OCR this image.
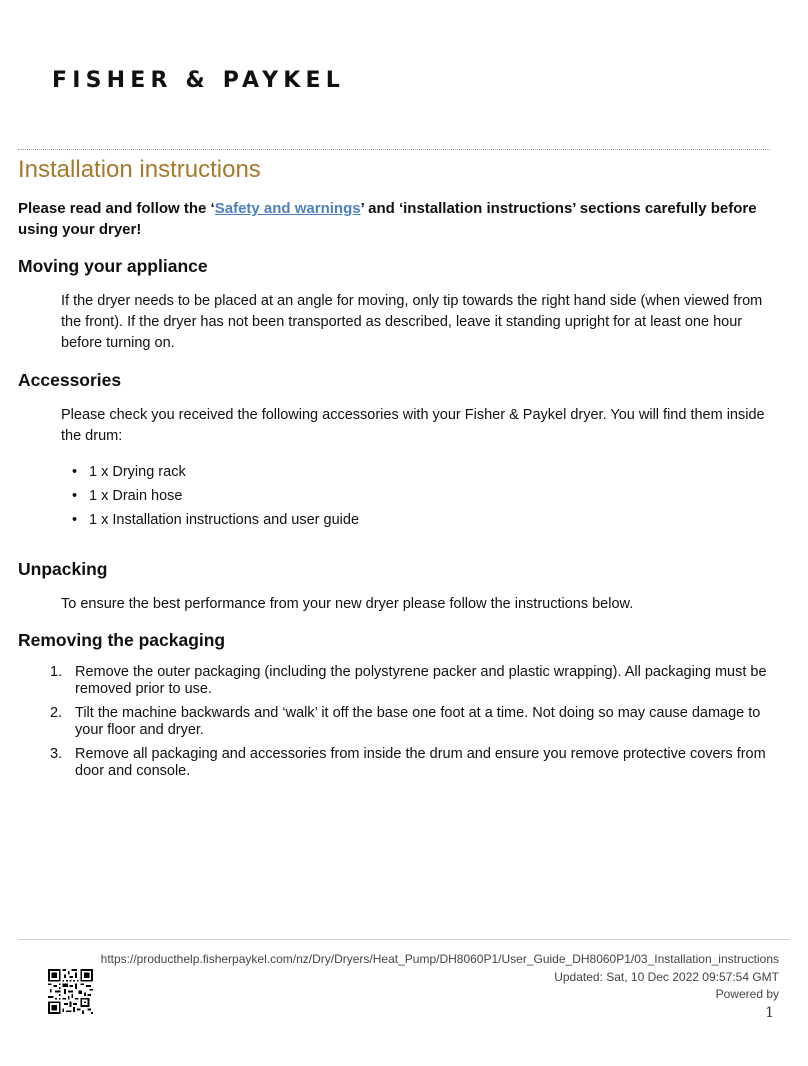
FISHER & PAYKEL
Installation instructions

Please read and follow the ‘Safety and warnings’ and ‘installation instructions’ sections carefully before using your dryer!

Moving your appliance

If the dryer needs to be placed at an angle for moving, only tip towards the right hand side (when viewed from the front). If the dryer has not been transported as described, leave it standing upright for at least one hour before turning on.

Accessories

Please check you received the following accessories with your Fisher & Paykel dryer. You will find them inside the drum:

• 1 x Drying rack
• 1 x Drain hose
• 1 x Installation instructions and user guide
Unpacking

To ensure the best performance from your new dryer please follow the instructions below.

Removing the packaging
1. Remove the outer packaging (including the polystyrene packer and plastic wrapping). All packaging must be removed prior to use.
2. Tilt the machine backwards and ‘walk’ it off the base one foot at a time. Not doing so may cause damage to your floor and dryer.
3. Remove all packaging and accessories from inside the drum and ensure you remove protective covers from door and console.
https://producthelp.fisherpaykel.com/nz/Dry/Dryers/Heat_Pump/DH8060P1/User_Guide_DH8060P1/03_Installation_instructions
Updated: Sat, 10 Dec 2022 09:57:54 GMT
Powered by
1
